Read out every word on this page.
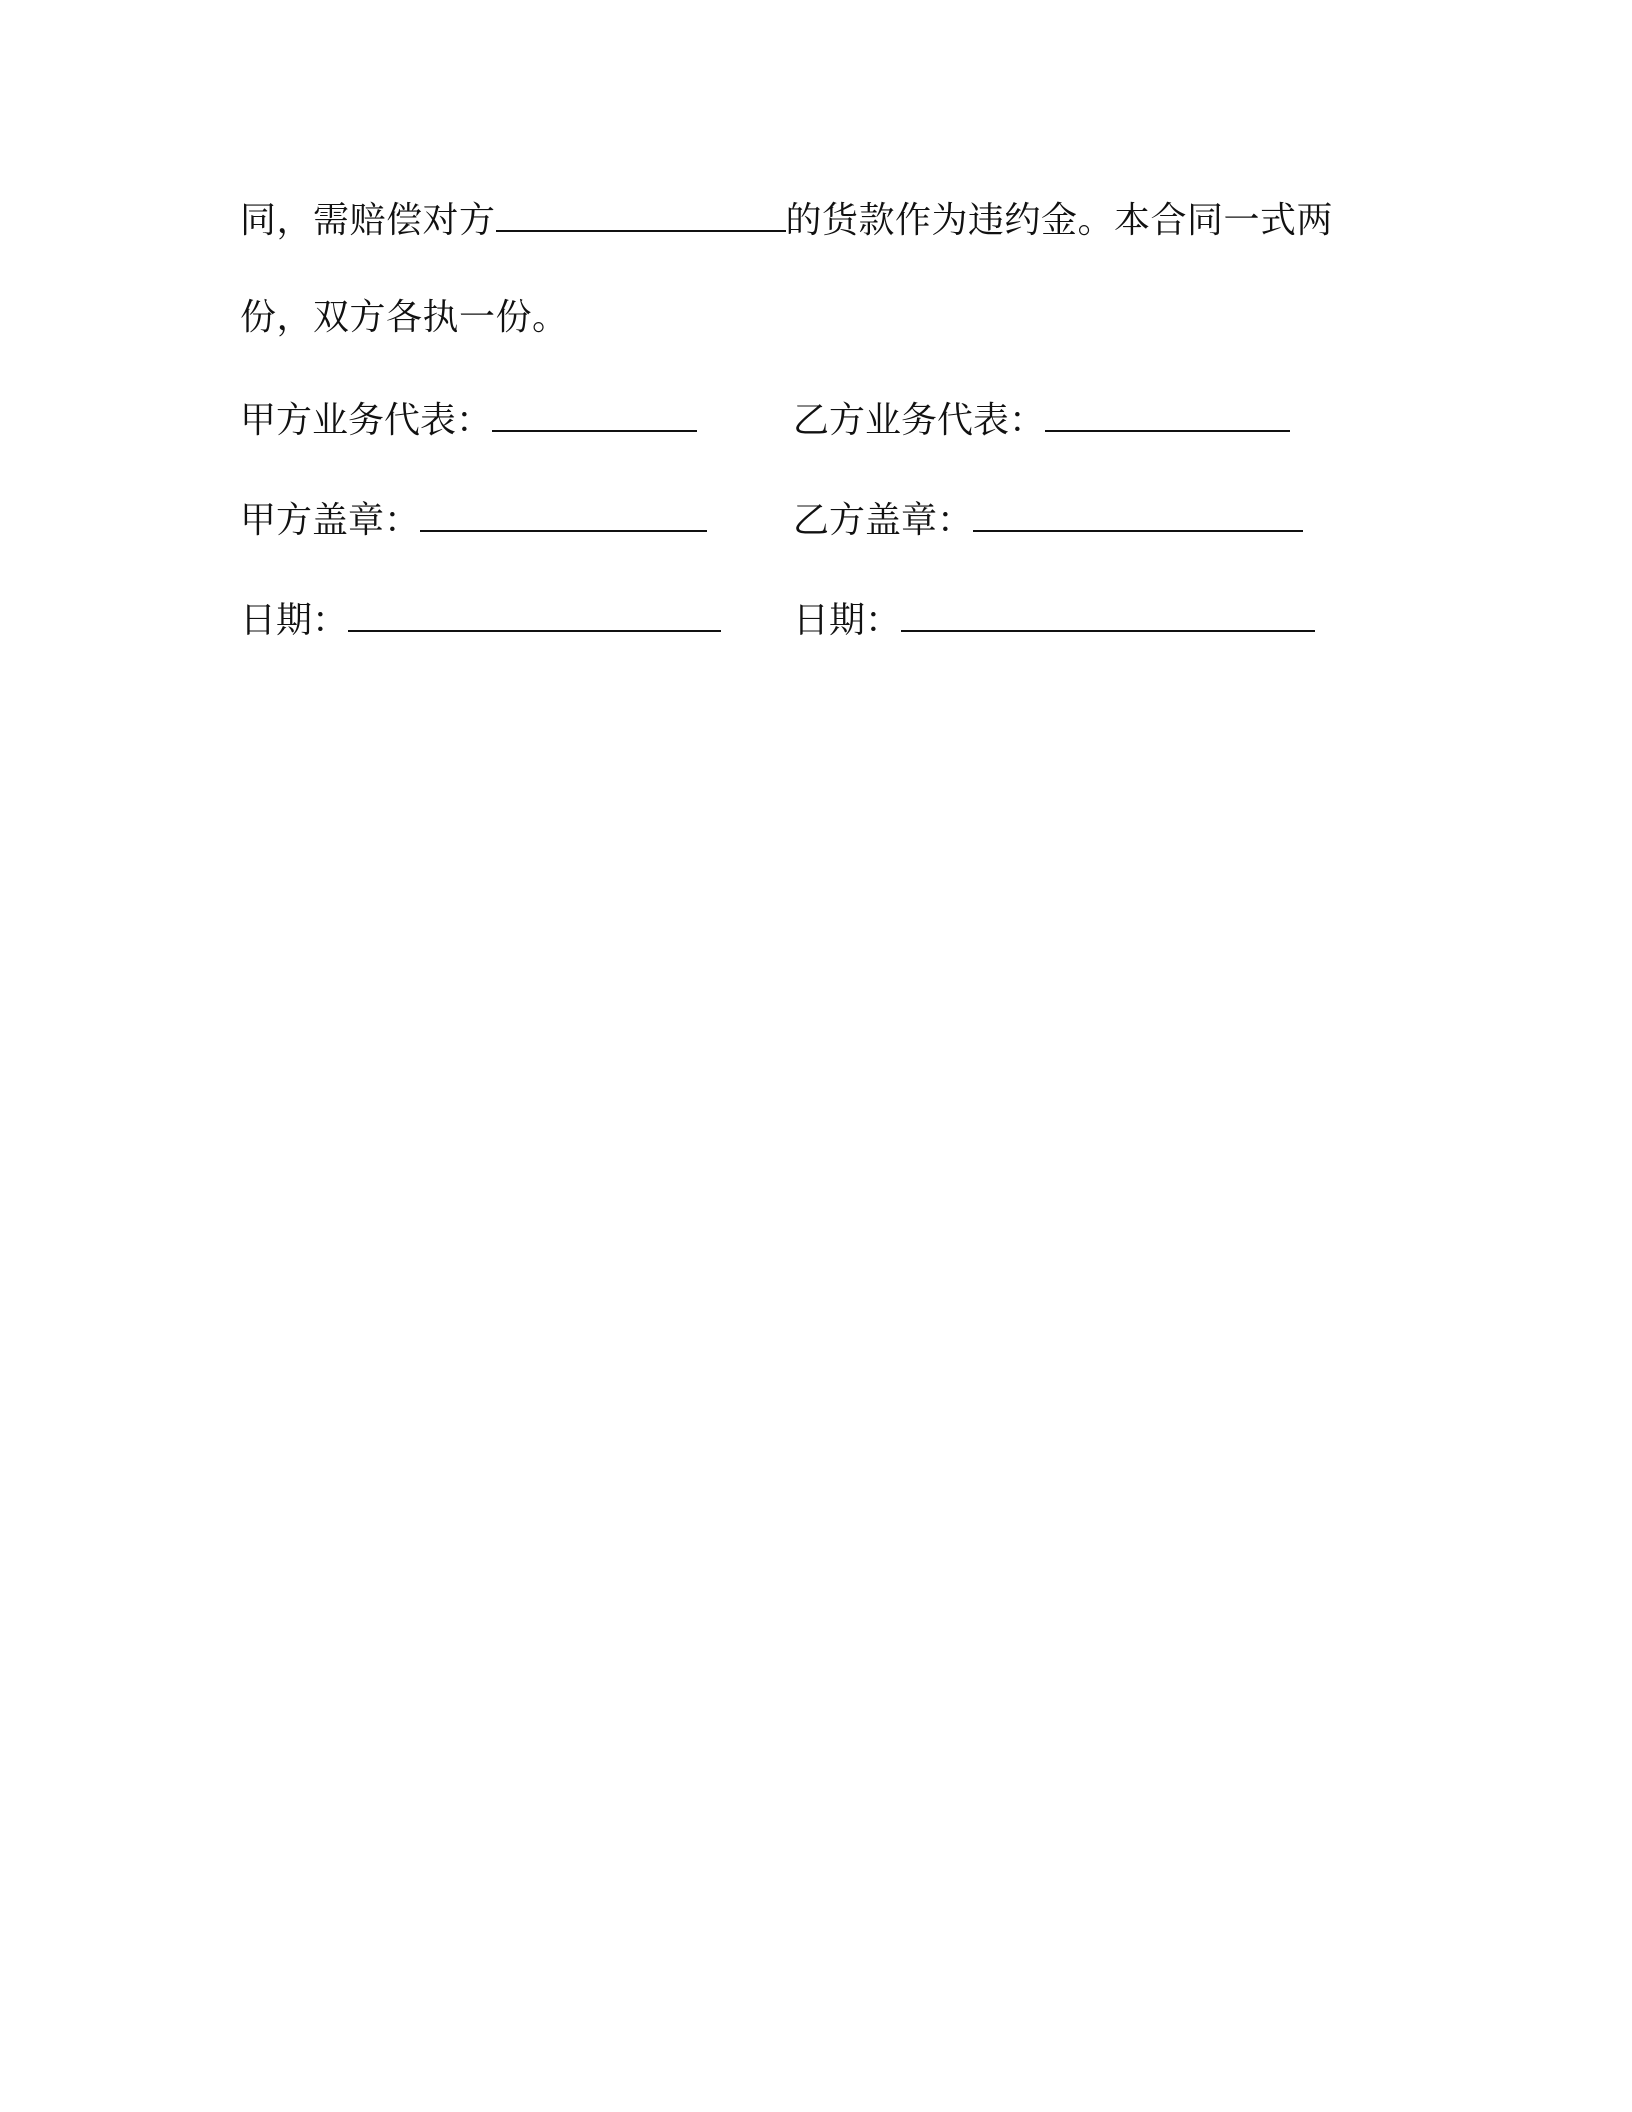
同，需赔偿对方	的货款作为违约金。本合同一式两
份，双方各执一份。
甲方业务代表：	乙方业务代表：
甲方盖章：	乙方盖章：
日期：	日期：
